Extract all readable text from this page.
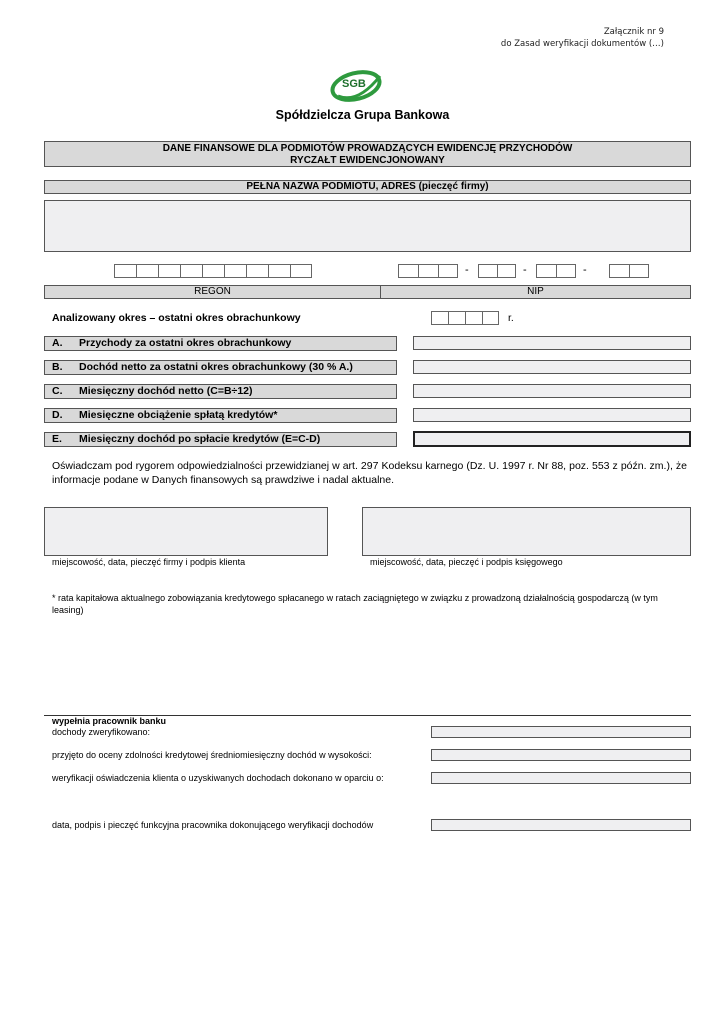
Załącznik nr 9
do Zasad weryfikacji dokumentów (…)
SGB
Spółdzielcza Grupa Bankowa
DANE FINANSOWE DLA PODMIOTÓW PROWADZĄCYCH EWIDENCJĘ PRZYCHODÓW
RYCZAŁT EWIDENCJONOWANY
PEŁNA NAZWA PODMIOTU, ADRES (pieczęć firmy)
-	-	-
REGON	NIP
Analizowany okres – ostatni okres obrachunkowy	r.
A.	Przychody za ostatni okres obrachunkowy
B.	Dochód netto za ostatni okres obrachunkowy (30 % A.)
C.	Miesięczny dochód netto (C=B÷12)
D.	Miesięczne obciążenie spłatą kredytów*
E.	Miesięczny dochód po spłacie kredytów (E=C-D)
Oświadczam pod rygorem odpowiedzialności przewidzianej w art. 297 Kodeksu karnego (Dz. U. 1997 r. Nr 88, poz. 553 z późn. zm.), że informacje podane w Danych finansowych są prawdziwe i nadal aktualne.
miejscowość, data, pieczęć firmy i podpis klienta	miejscowość, data, pieczęć i podpis księgowego
* rata kapitałowa aktualnego zobowiązania kredytowego spłacanego w ratach zaciągniętego w związku z prowadzoną działalnością gospodarczą (w tym leasing)
wypełnia pracownik banku
dochody zweryfikowano:
przyjęto do oceny zdolności kredytowej średniomiesięczny dochód w wysokości:
weryfikacji oświadczenia klienta o uzyskiwanych dochodach dokonano w oparciu o:
data, podpis i pieczęć funkcyjna pracownika dokonującego weryfikacji dochodów
